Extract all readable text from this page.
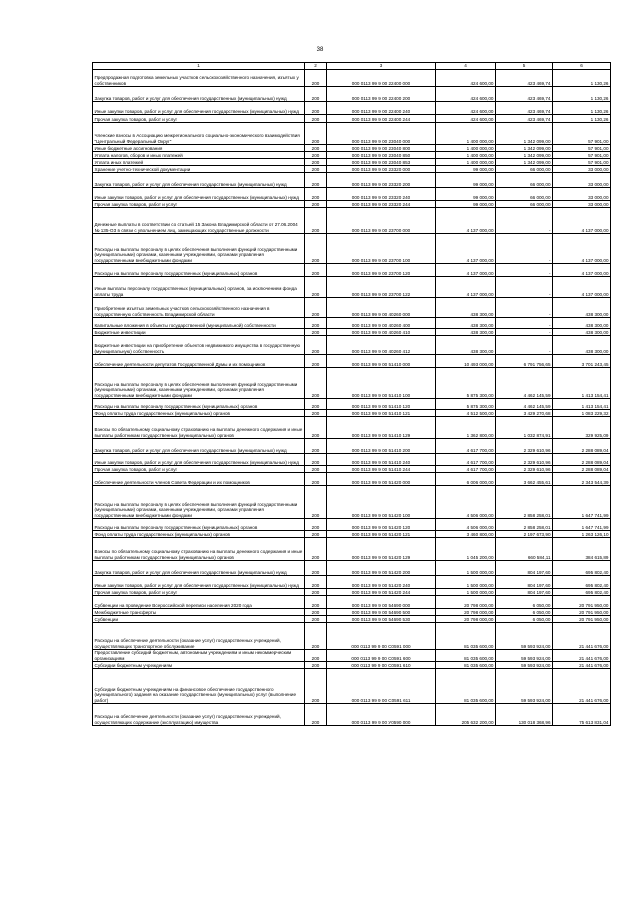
38
1	2	3	4	5	6
Предпродажная подготовка земельных участков сельскохозяйственного назначения, изъятых у собственников	200	000 0113 99 9 00 22400 000	424 600,00	423 469,74	1 130,26
Закупка товаров, работ и услуг для обеспечения государственных (муниципальных) нужд	200	000 0113 99 9 00 22400 200	424 600,00	423 469,74	1 130,26
Иные закупки товаров, работ и услуг для обеспечения государственных (муниципальных) нужд	200	000 0113 99 9 00 22400 240	424 600,00	423 469,74	1 130,26
Прочая закупка товаров, работ и услуг	200	000 0113 99 9 00 22400 244	424 600,00	423 469,74	1 130,26
Членские взносы в Ассоциацию межрегионального социально-экономического взаимодействия "Центральный Федеральный Округ"	200	000 0113 99 9 00 23040 000	1 400 000,00	1 342 099,00	57 901,00
Иные бюджетные ассигнования	200	000 0113 99 9 00 23040 800	1 400 000,00	1 342 099,00	57 901,00
Уплата налогов, сборов и иных платежей	200	000 0113 99 9 00 23040 850	1 400 000,00	1 342 099,00	57 901,00
Уплата иных платежей	200	000 0113 99 9 00 23040 853	1 400 000,00	1 342 099,00	57 901,00
Хранение учетно-технической документации	200	000 0113 99 9 00 23320 000	99 000,00	66 000,00	33 000,00
Закупка товаров, работ и услуг для обеспечения государственных (муниципальных) нужд	200	000 0113 99 9 00 23320 200	99 000,00	66 000,00	33 000,00
Иные закупки товаров, работ и услуг для обеспечения государственных (муниципальных) нужд	200	000 0113 99 9 00 23320 240	99 000,00	66 000,00	33 000,00
Прочая закупка товаров, работ и услуг	200	000 0113 99 9 00 23320 244	99 000,00	66 000,00	33 000,00
Денежные выплаты в соответствии со статьей 15 Закона Владимирской области от 27.06.2004 № 135-ОЗ в связи с увольнением лиц, замещающих государственные должности	200	000 0113 99 9 00 23700 000	4 137 000,00	-	4 137 000,00
Расходы на выплаты персоналу в целях обеспечения выполнения функций государственными (муниципальными) органами, казенными учреждениями, органами управления государственными внебюджетными фондами	200	000 0113 99 9 00 23700 100	4 137 000,00	-	4 137 000,00
Расходы на выплаты персоналу государственных (муниципальных) органов	200	000 0113 99 9 00 23700 120	4 137 000,00	-	4 137 000,00
Иные выплаты персоналу государственных (муниципальных) органов, за исключением фонда оплаты труда	200	000 0113 99 9 00 23700 122	4 137 000,00	-	4 137 000,00
Приобретение изъятых земельных участков сельскохозяйственного назначения в государственную собственность Владимирской области	200	000 0113 99 9 00 40260 000	438 300,00	-	438 300,00
Капитальные вложения в объекты государственной (муниципальной) собственности	200	000 0113 99 9 00 40260 400	438 300,00	-	438 300,00
Бюджетные инвестиции	200	000 0113 99 9 00 40260 410	438 300,00	-	438 300,00
Бюджетные инвестиции на приобретение объектов недвижимого имущества в государственную (муниципальную) собственность	200	000 0113 99 9 00 40260 412	438 300,00	-	438 300,00
Обеспечение деятельности депутатов Государственной Думы и их помощников	200	000 0113 99 9 00 51410 000	10 493 000,00	6 791 756,65	3 701 243,45
Расходы на выплаты персоналу в целях обеспечения выполнения функций государственными (муниципальными) органами, казенными учреждениями, органами управления государственными внебюджетными фондами	200	000 0113 99 9 00 51410 100	5 875 300,00	4 462 145,59	1 413 154,41
Расходы на выплаты персоналу государственных (муниципальных) органов	200	000 0113 99 9 00 51410 120	5 875 300,00	4 462 145,59	1 413 154,41
Фонд оплаты труда государственных (муниципальных) органов	200	000 0113 99 9 00 51410 121	4 512 500,00	3 429 270,68	1 083 229,32
Взносы по обязательному социальному страхованию на выплаты денежного содержания и иные выплаты работникам государственных (муниципальных) органов	200	000 0113 99 9 00 51410 129	1 362 800,00	1 032 874,91	329 925,09
Закупка товаров, работ и услуг для обеспечения государственных (муниципальных) нужд	200	000 0113 99 9 00 51410 200	4 617 700,00	2 329 610,96	2 288 089,04
Иные закупки товаров, работ и услуг для обеспечения государственных (муниципальных) нужд	200	000 0113 99 9 00 51410 240	4 617 700,00	2 329 610,96	2 288 089,04
Прочая закупка товаров, работ и услуг	200	000 0113 99 9 00 51410 244	4 617 700,00	2 329 610,96	2 288 089,04
Обеспечение деятельности членов Совета Федерации и их помощников	200	000 0113 99 9 00 51420 000	6 006 000,00	3 662 455,61	2 343 544,39
Расходы на выплаты персоналу в целях обеспечения выполнения функций государственными (муниципальными) органами, казенными учреждениями, органами управления государственными внебюджетными фондами	200	000 0113 99 9 00 51420 100	4 506 000,00	2 858 258,01	1 647 741,99
Расходы на выплаты персоналу государственных (муниципальных) органов	200	000 0113 99 9 00 51420 120	4 506 000,00	2 858 258,01	1 647 741,99
Фонд оплаты труда государственных (муниципальных) органов	200	000 0113 99 9 00 51420 121	3 460 800,00	2 197 673,90	1 263 126,10
Взносы по обязательному социальному страхованию на выплаты денежного содержания и иные выплаты работникам государственных (муниципальных) органов	200	000 0113 99 9 00 51420 129	1 045 200,00	660 584,11	384 615,89
Закупка товаров, работ и услуг для обеспечения государственных (муниципальных) нужд	200	000 0113 99 9 00 51420 200	1 500 000,00	804 197,60	695 802,40
Иные закупки товаров, работ и услуг для обеспечения государственных (муниципальных) нужд	200	000 0113 99 9 00 51420 240	1 500 000,00	804 197,60	695 802,40
Прочая закупка товаров, работ и услуг	200	000 0113 99 9 00 51420 244	1 500 000,00	804 197,60	695 802,40
Субвенции на проведение Всероссийской переписи населения 2020 года	200	000 0113 99 9 00 54690 000	20 798 000,00	6 050,00	20 791 950,00
Межбюджетные трансферты	200	000 0113 99 9 00 54690 500	20 798 000,00	6 050,00	20 791 950,00
Субвенции	200	000 0113 99 9 00 54690 530	20 798 000,00	6 050,00	20 791 950,00
Расходы на обеспечение деятельности (оказание услуг) государственных учреждений, осуществляющих транспортное обслуживание	200	000 0113 99 9 00 С0591 000	81 035 600,00	59 593 924,00	21 441 676,00
Предоставление субсидий бюджетным, автономным учреждениям и иным некоммерческим организациям	200	000 0113 99 9 00 С0591 600	81 035 600,00	59 593 924,00	21 441 676,00
Субсидии бюджетным учреждениям	200	000 0113 99 9 00 С0591 610	81 035 600,00	59 593 924,00	21 441 676,00
Субсидии бюджетным учреждениям на финансовое обеспечение государственного (муниципального) задания на оказание государственных (муниципальных) услуг (выполнение работ)	200	000 0113 99 9 00 С0591 611	81 035 600,00	59 593 924,00	21 441 676,00
Расходы на обеспечение деятельности (оказание услуг) государственных учреждений, осуществляющих содержание (эксплуатацию) имущества	200	000 0113 99 9 00 У0590 000	205 632 200,00	130 018 368,96	75 613 831,04
